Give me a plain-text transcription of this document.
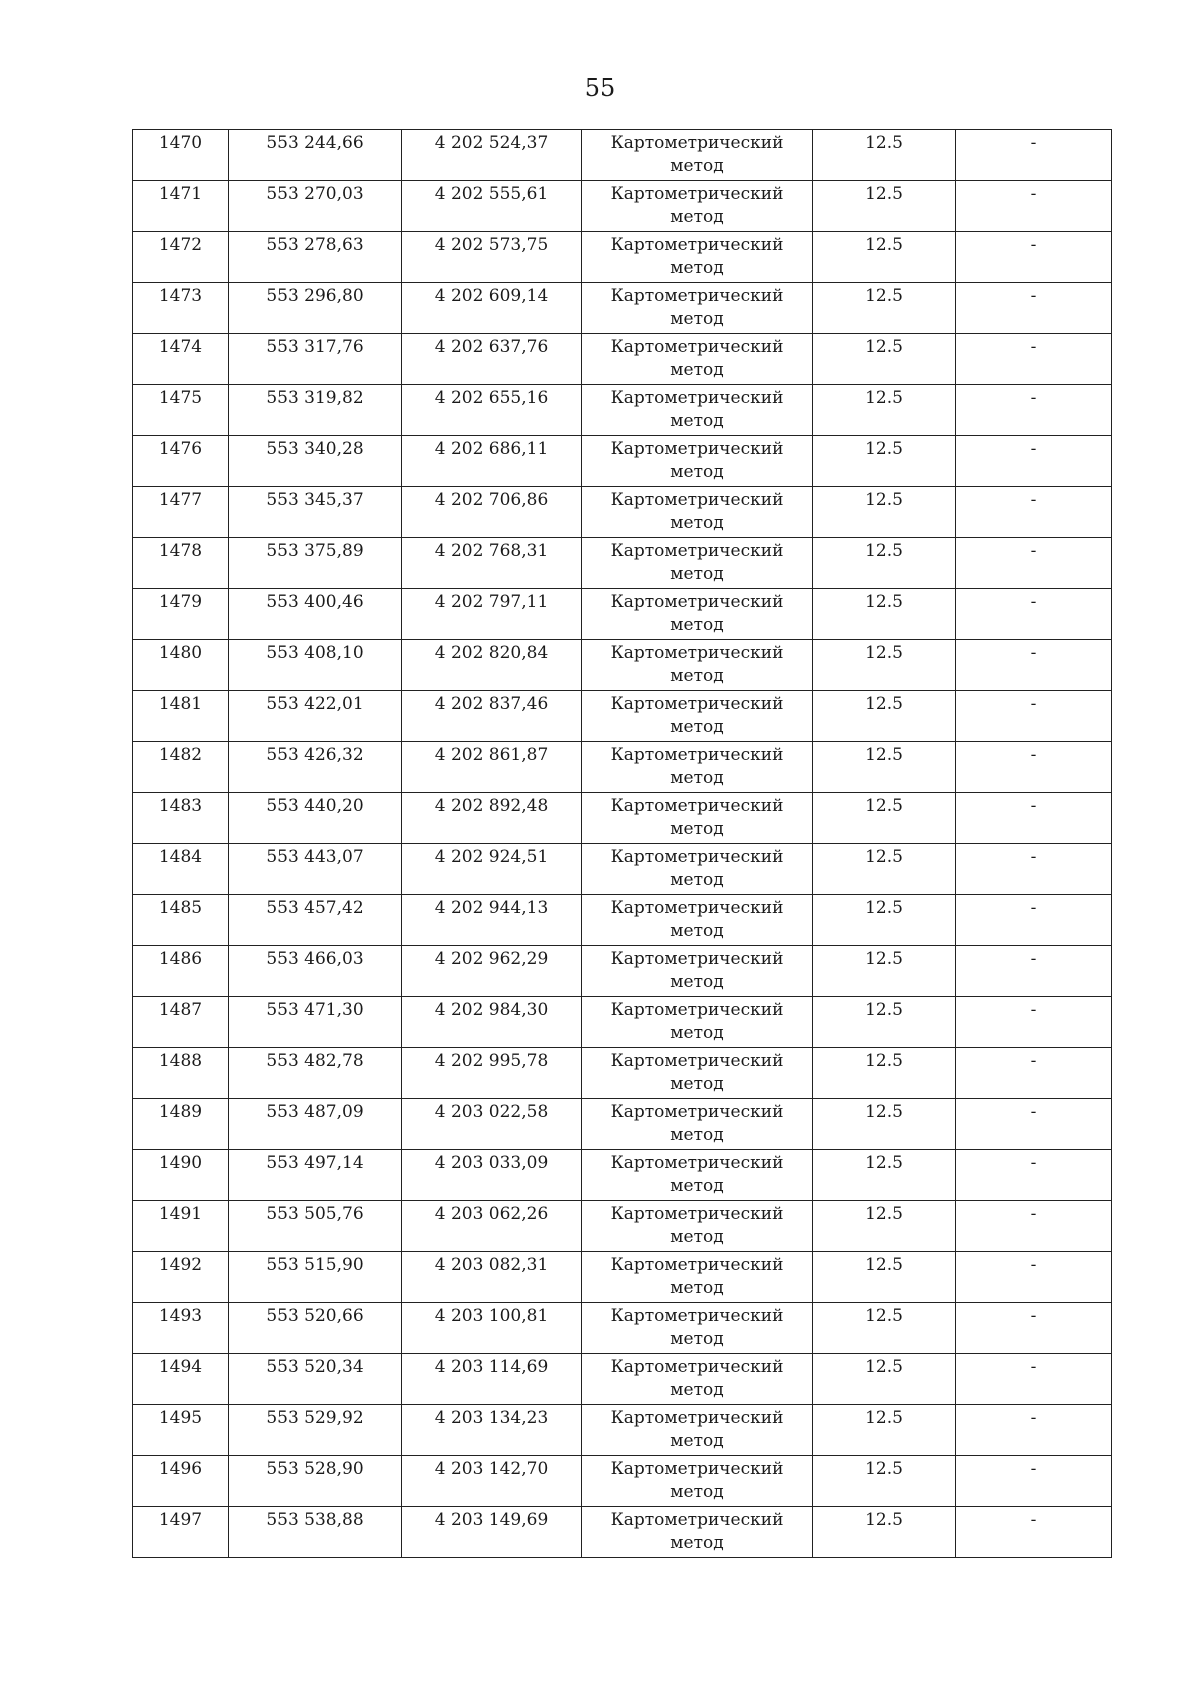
55
1470	553 244,66	4 202 524,37	Картометрический метод	12.5	-
1471	553 270,03	4 202 555,61	Картометрический метод	12.5	-
1472	553 278,63	4 202 573,75	Картометрический метод	12.5	-
1473	553 296,80	4 202 609,14	Картометрический метод	12.5	-
1474	553 317,76	4 202 637,76	Картометрический метод	12.5	-
1475	553 319,82	4 202 655,16	Картометрический метод	12.5	-
1476	553 340,28	4 202 686,11	Картометрический метод	12.5	-
1477	553 345,37	4 202 706,86	Картометрический метод	12.5	-
1478	553 375,89	4 202 768,31	Картометрический метод	12.5	-
1479	553 400,46	4 202 797,11	Картометрический метод	12.5	-
1480	553 408,10	4 202 820,84	Картометрический метод	12.5	-
1481	553 422,01	4 202 837,46	Картометрический метод	12.5	-
1482	553 426,32	4 202 861,87	Картометрический метод	12.5	-
1483	553 440,20	4 202 892,48	Картометрический метод	12.5	-
1484	553 443,07	4 202 924,51	Картометрический метод	12.5	-
1485	553 457,42	4 202 944,13	Картометрический метод	12.5	-
1486	553 466,03	4 202 962,29	Картометрический метод	12.5	-
1487	553 471,30	4 202 984,30	Картометрический метод	12.5	-
1488	553 482,78	4 202 995,78	Картометрический метод	12.5	-
1489	553 487,09	4 203 022,58	Картометрический метод	12.5	-
1490	553 497,14	4 203 033,09	Картометрический метод	12.5	-
1491	553 505,76	4 203 062,26	Картометрический метод	12.5	-
1492	553 515,90	4 203 082,31	Картометрический метод	12.5	-
1493	553 520,66	4 203 100,81	Картометрический метод	12.5	-
1494	553 520,34	4 203 114,69	Картометрический метод	12.5	-
1495	553 529,92	4 203 134,23	Картометрический метод	12.5	-
1496	553 528,90	4 203 142,70	Картометрический метод	12.5	-
1497	553 538,88	4 203 149,69	Картометрический метод	12.5	-
